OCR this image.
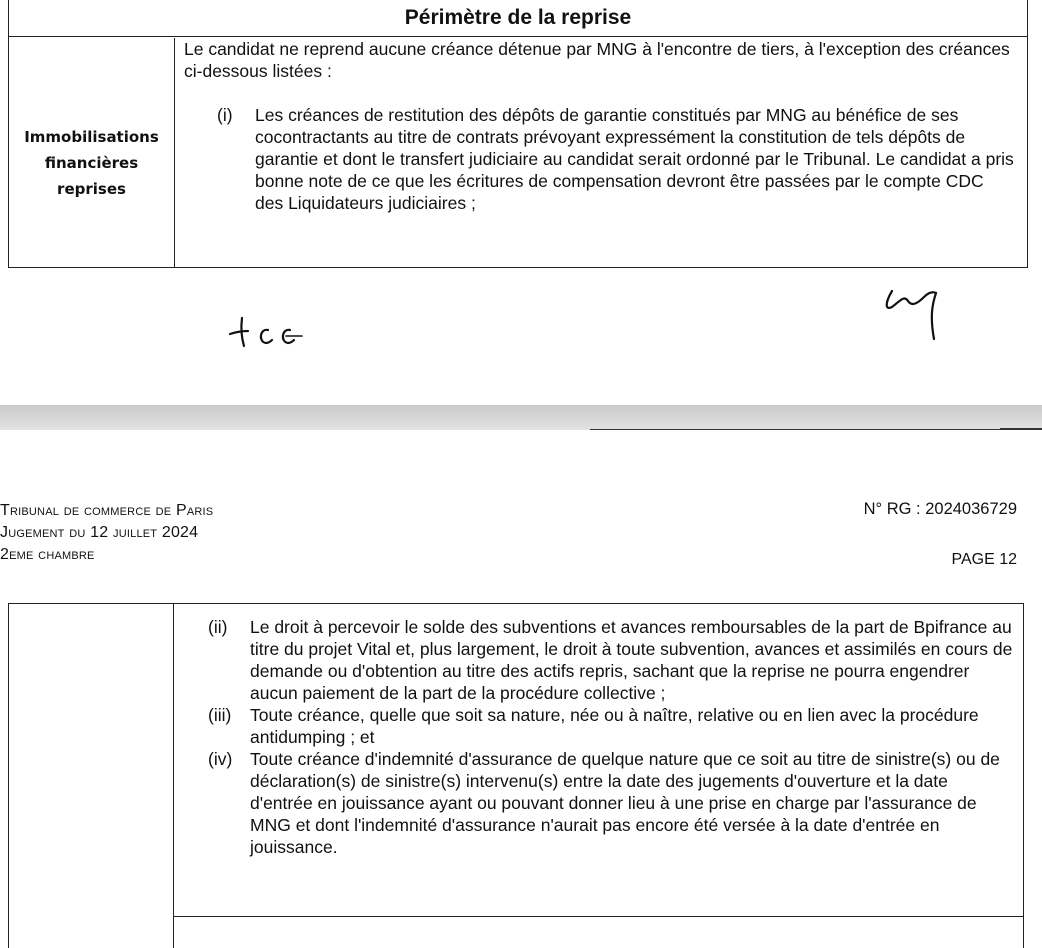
Périmètre de la reprise
Immobilisations financières reprises

Le candidat ne reprend aucune créance détenue par MNG à l'encontre de tiers, à l'exception des créances ci-dessous listées :

(i) Les créances de restitution des dépôts de garantie constitués par MNG au bénéfice de ses cocontractants au titre de contrats prévoyant expressément la constitution de tels dépôts de garantie et dont le transfert judiciaire au candidat serait ordonné par le Tribunal. Le candidat a pris bonne note de ce que les écritures de compensation devront être passées par le compte CDC des Liquidateurs judiciaires ;
Tribunal de commerce de Paris
Jugement du 12 juillet 2024
2eme chambre
N° RG : 2024036729
PAGE 12
(ii) Le droit à percevoir le solde des subventions et avances remboursables de la part de Bpifrance au titre du projet Vital et, plus largement, le droit à toute subvention, avances et assimilés en cours de demande ou d'obtention au titre des actifs repris, sachant que la reprise ne pourra engendrer aucun paiement de la part de la procédure collective ;
(iii) Toute créance, quelle que soit sa nature, née ou à naître, relative ou en lien avec la procédure antidumping ; et
(iv) Toute créance d'indemnité d'assurance de quelque nature que ce soit au titre de sinistre(s) ou de déclaration(s) de sinistre(s) intervenu(s) entre la date des jugements d'ouverture et la date d'entrée en jouissance ayant ou pouvant donner lieu à une prise en charge par l'assurance de MNG et dont l'indemnité d'assurance n'aurait pas encore été versée à la date d'entrée en jouissance.
